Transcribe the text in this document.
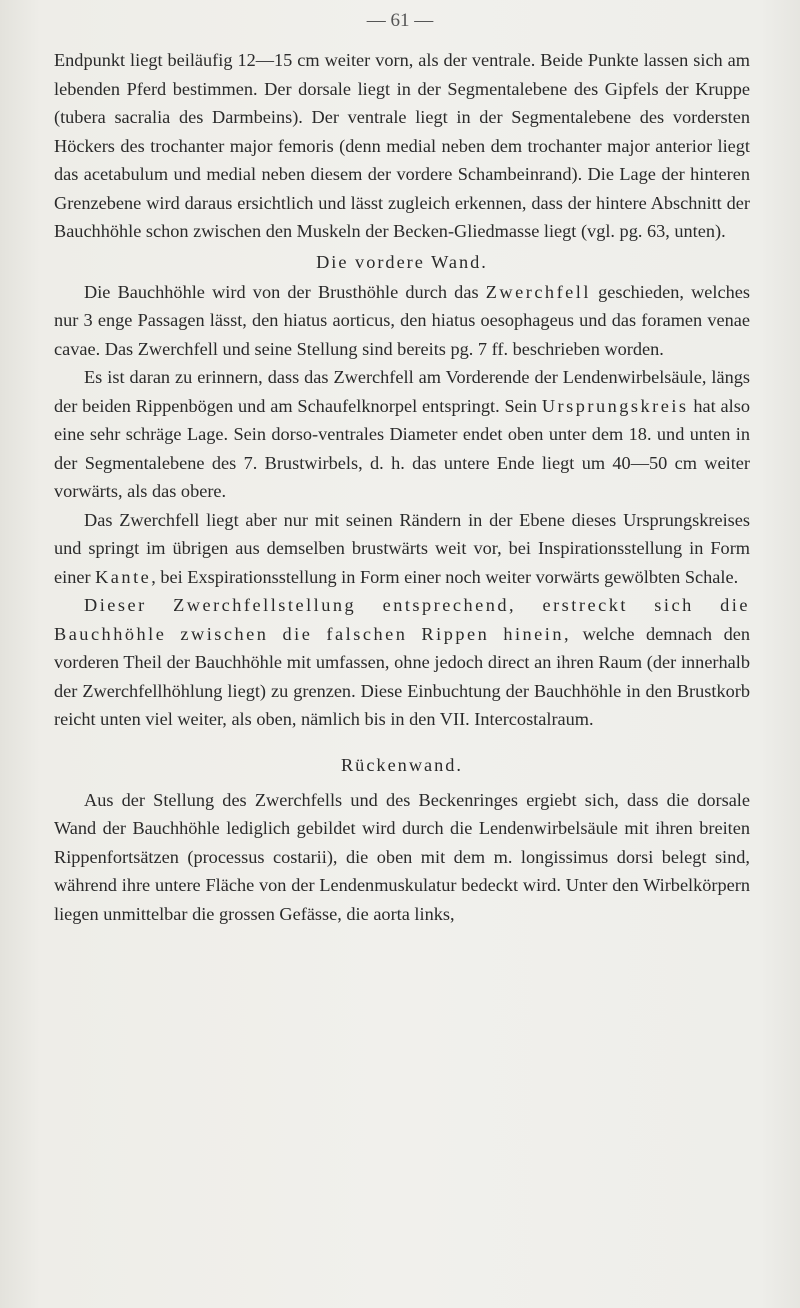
— 61 —

Endpunkt liegt beiläufig 12—15 cm weiter vorn, als der ventrale. Beide Punkte lassen sich am lebenden Pferd bestimmen. Der dorsale liegt in der Segmentalebene des Gipfels der Kruppe (tubera sacralia des Darmbeins). Der ventrale liegt in der Segmentalebene des vordersten Höckers des trochanter major femoris (denn medial neben dem trochanter major anterior liegt das acetabulum und medial neben diesem der vordere Schambeinrand). Die Lage der hinteren Grenzebene wird daraus ersichtlich und lässt zugleich erkennen, dass der hintere Abschnitt der Bauchhöhle schon zwischen den Muskeln der Becken-Gliedmasse liegt (vgl. pg. 63, unten).

Die vordere Wand.

Die Bauchhöhle wird von der Brusthöhle durch das Zwerchfell geschieden, welches nur 3 enge Passagen lässt, den hiatus aorticus, den hiatus oesophageus und das foramen venae cavae. Das Zwerchfell und seine Stellung sind bereits pg. 7 ff. beschrieben worden.

Es ist daran zu erinnern, dass das Zwerchfell am Vorderende der Lendenwirbelsäule, längs der beiden Rippenbögen und am Schaufelknorpel entspringt. Sein Ursprungskreis hat also eine sehr schräge Lage. Sein dorso-ventrales Diameter endet oben unter dem 18. und unten in der Segmentalebene des 7. Brustwirbels, d. h. das untere Ende liegt um 40—50 cm weiter vorwärts, als das obere.

Das Zwerchfell liegt aber nur mit seinen Rändern in der Ebene dieses Ursprungskreises und springt im übrigen aus demselben brustwärts weit vor, bei Inspirationsstellung in Form einer Kante, bei Exspirationsstellung in Form einer noch weiter vorwärts gewölbten Schale.

Dieser Zwerchfellstellung entsprechend, erstreckt sich die Bauchhöhle zwischen die falschen Rippen hinein, welche demnach den vorderen Theil der Bauchhöhle mit umfassen, ohne jedoch direct an ihren Raum (der innerhalb der Zwerchfellhöhlung liegt) zu grenzen. Diese Einbuchtung der Bauchhöhle in den Brustkorb reicht unten viel weiter, als oben, nämlich bis in den VII. Intercostalraum.

Rückenwand.

Aus der Stellung des Zwerchfells und des Beckenringes ergiebt sich, dass die dorsale Wand der Bauchhöhle lediglich gebildet wird durch die Lendenwirbelsäule mit ihren breiten Rippenfortsätzen (processus costarii), die oben mit dem m. longissimus dorsi belegt sind, während ihre untere Fläche von der Lendenmuskulatur bedeckt wird. Unter den Wirbelkörpern liegen unmittelbar die grossen Gefässe, die aorta links,
